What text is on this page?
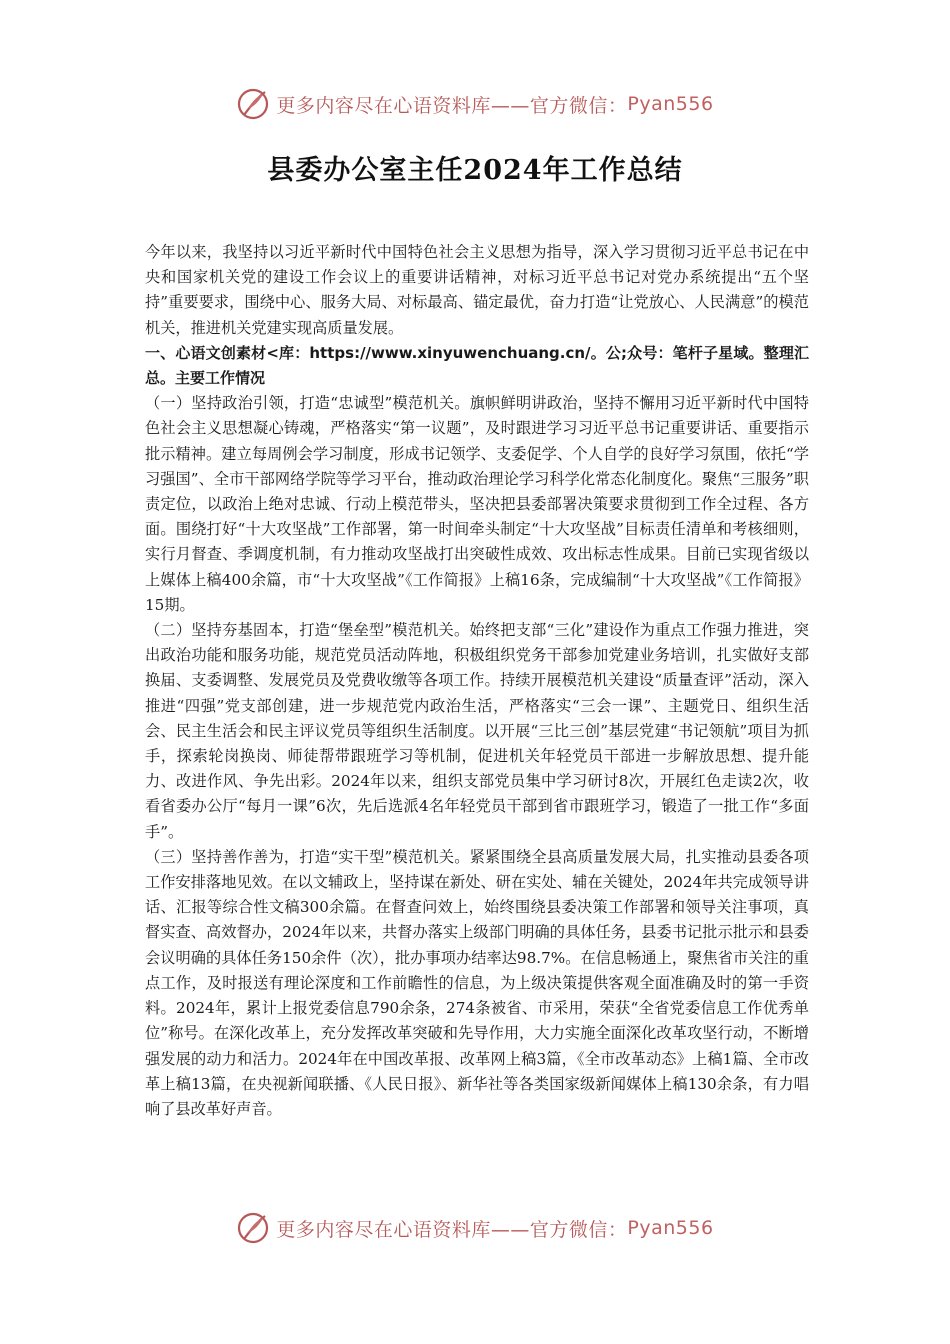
更多内容尽在心语资料库——官方微信： Pyan556
县委办公室主任2024年工作总结

今年以来，我坚持以习近平新时代中国特色社会主义思想为指导，深入学习贯彻习近平总书记在中央和国家机关党的建设工作会议上的重要讲话精神，对标习近平总书记对党办系统提出“五个坚持”重要要求，围绕中心、服务大局、对标最高、锚定最优，奋力打造“让党放心、人民满意”的模范机关，推进机关党建实现高质量发展。

一、心语文创素材<库：https://www.xinyuwenchuang.cn/。公;众号：笔杆子星域。整理汇总。主要工作情况

（一）坚持政治引领，打造“忠诚型”模范机关。旗帜鲜明讲政治，坚持不懈用习近平新时代中国特色社会主义思想凝心铸魂，严格落实“第一议题”，及时跟进学习习近平总书记重要讲话、重要指示批示精神。建立每周例会学习制度，形成书记领学、支委促学、个人自学的良好学习氛围，依托“学习强国”、全市干部网络学院等学习平台，推动政治理论学习科学化常态化制度化。聚焦“三服务”职责定位，以政治上绝对忠诚、行动上模范带头，坚决把县委部署决策要求贯彻到工作全过程、各方面。围绕打好“十大攻坚战”工作部署，第一时间牵头制定“十大攻坚战”目标责任清单和考核细则，实行月督查、季调度机制，有力推动攻坚战打出突破性成效、攻出标志性成果。目前已实现省级以上媒体上稿400余篇，市“十大攻坚战”《工作简报》上稿16条，完成编制“十大攻坚战”《工作简报》15期。

（二）坚持夯基固本，打造“堡垒型”模范机关。始终把支部“三化”建设作为重点工作强力推进，突出政治功能和服务功能，规范党员活动阵地，积极组织党务干部参加党建业务培训，扎实做好支部换届、支委调整、发展党员及党费收缴等各项工作。持续开展模范机关建设“质量查评”活动，深入推进“四强”党支部创建，进一步规范党内政治生活，严格落实“三会一课”、主题党日、组织生活会、民主生活会和民主评议党员等组织生活制度。以开展“三比三创”基层党建“书记领航”项目为抓手，探索轮岗换岗、师徒帮带跟班学习等机制，促进机关年轻党员干部进一步解放思想、提升能力、改进作风、争先出彩。2024年以来，组织支部党员集中学习研讨8次，开展红色走读2次，收看省委办公厅“每月一课”6次，先后选派4名年轻党员干部到省市跟班学习，锻造了一批工作“多面手”。

（三）坚持善作善为，打造“实干型”模范机关。紧紧围绕全县高质量发展大局，扎实推动县委各项工作安排落地见效。在以文辅政上，坚持谋在新处、研在实处、辅在关键处，2024年共完成领导讲话、汇报等综合性文稿300余篇。在督查问效上，始终围绕县委决策工作部署和领导关注事项，真督实查、高效督办，2024年以来，共督办落实上级部门明确的具体任务，县委书记批示批示和县委会议明确的具体任务150余件（次），批办事项办结率达98.7%。在信息畅通上，聚焦省市关注的重点工作，及时报送有理论深度和工作前瞻性的信息，为上级决策提供客观全面准确及时的第一手资料。2024年，累计上报党委信息790余条，274条被省、市采用，荣获“全省党委信息工作优秀单位”称号。在深化改革上，充分发挥改革突破和先导作用，大力实施全面深化改革攻坚行动，不断增强发展的动力和活力。2024年在中国改革报、改革网上稿3篇，《全市改革动态》上稿1篇、全市改革上稿13篇，在央视新闻联播、《人民日报》、新华社等各类国家级新闻媒体上稿130余条，有力唱响了县改革好声音。

更多内容尽在心语资料库——官方微信： Pyan556
